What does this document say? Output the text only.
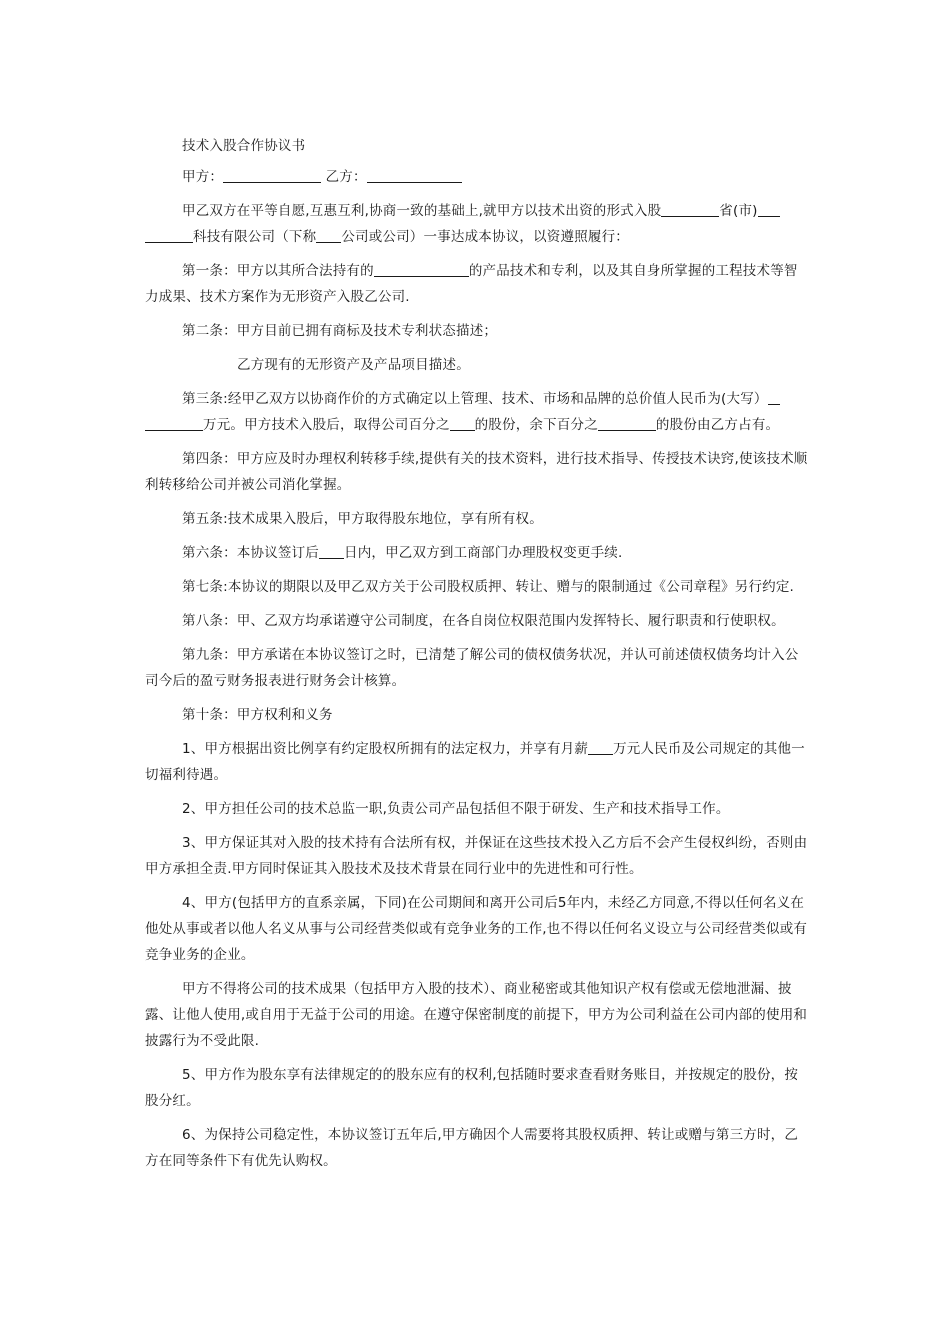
技术入股合作协议书

甲方：	乙方：

甲乙双方在平等自愿,互惠互利,协商一致的基础上,就甲方以技术出资的形式入股	省(市) 科技有限公司（下称 公司或公司）一事达成本协议，以资遵照履行：

第一条：甲方以其所合法持有的	的产品技术和专利，以及其自身所掌握的工程技术等智力成果、技术方案作为无形资产入股乙公司.

第二条：甲方目前已拥有商标及技术专利状态描述；

乙方现有的无形资产及产品项目描述。

第三条:经甲乙双方以协商作价的方式确定以上管理、技术、市场和品牌的总价值人民币为(大写） 万元。甲方技术入股后，取得公司百分之 的股份，余下百分之	的股份由乙方占有。

第四条：甲方应及时办理权利转移手续,提供有关的技术资料，进行技术指导、传授技术诀窍,使该技术顺利转移给公司并被公司消化掌握。

第五条:技术成果入股后，甲方取得股东地位，享有所有权。

第六条：本协议签订后 日内，甲乙双方到工商部门办理股权变更手续.

第七条:本协议的期限以及甲乙双方关于公司股权质押、转让、赠与的限制通过《公司章程》另行约定.

第八条：甲、乙双方均承诺遵守公司制度，在各自岗位权限范围内发挥特长、履行职责和行使职权。

第九条：甲方承诺在本协议签订之时，已清楚了解公司的债权债务状况，并认可前述债权债务均计入公司今后的盈亏财务报表进行财务会计核算。

第十条：甲方权利和义务

1、甲方根据出资比例享有约定股权所拥有的法定权力，并享有月薪 万元人民币及公司规定的其他一切福利待遇。

2、甲方担任公司的技术总监一职,负责公司产品包括但不限于研发、生产和技术指导工作。

3、甲方保证其对入股的技术持有合法所有权，并保证在这些技术投入乙方后不会产生侵权纠纷，否则由甲方承担全责.甲方同时保证其入股技术及技术背景在同行业中的先进性和可行性。

4、甲方(包括甲方的直系亲属，下同)在公司期间和离开公司后5年内，未经乙方同意,不得以任何名义在他处从事或者以他人名义从事与公司经营类似或有竞争业务的工作,也不得以任何名义设立与公司经营类似或有竞争业务的企业。

甲方不得将公司的技术成果（包括甲方入股的技术）、商业秘密或其他知识产权有偿或无偿地泄漏、披露、让他人使用,或自用于无益于公司的用途。在遵守保密制度的前提下，甲方为公司利益在公司内部的使用和披露行为不受此限.

5、甲方作为股东享有法律规定的的股东应有的权利,包括随时要求查看财务账目，并按规定的股份，按股分红。

6、为保持公司稳定性，本协议签订五年后,甲方确因个人需要将其股权质押、转让或赠与第三方时，乙方在同等条件下有优先认购权。
